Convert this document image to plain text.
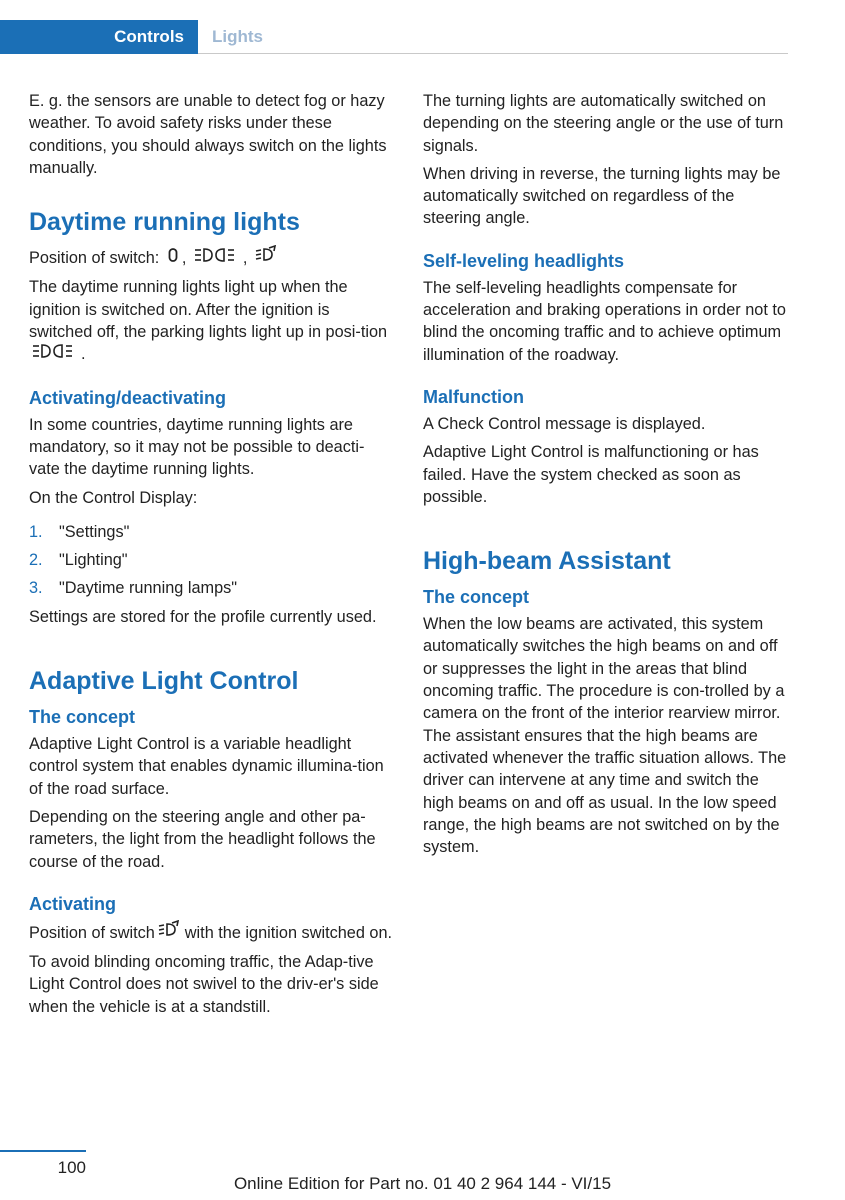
Controls Lights

E. g. the sensors are unable to detect fog or hazy weather. To avoid safety risks under these conditions, you should always switch on the lights manually.

Daytime running lights

Position of switch: ,	,

The daytime running lights light up when the ignition is switched on. After the ignition is switched off, the parking lights light up in posi-tion.

Activating/deactivating

In some countries, daytime running lights are mandatory, so it may not be possible to deacti-vate the daytime running lights.

On the Control Display:

1.	"Settings"
2.	"Lighting"
3.	"Daytime running lamps"

Settings are stored for the profile currently used.

Adaptive Light Control
The concept

Adaptive Light Control is a variable headlight control system that enables dynamic illumina-tion of the road surface.

Depending on the steering angle and other pa-rameters, the light from the headlight follows the course of the road.

Activating

Position of switch with the ignition switched on.

To avoid blinding oncoming traffic, the Adap-tive Light Control does not swivel to the driv-er's side when the vehicle is at a standstill.

The turning lights are automatically switched on depending on the steering angle or the use of turn signals.

When driving in reverse, the turning lights may be automatically switched on regardless of the steering angle.

Self-leveling headlights

The self-leveling headlights compensate for acceleration and braking operations in order not to blind the oncoming traffic and to achieve optimum illumination of the roadway.

Malfunction

A Check Control message is displayed.

Adaptive Light Control is malfunctioning or has failed. Have the system checked as soon as possible.

High-beam Assistant
The concept

When the low beams are activated, this system automatically switches the high beams on and off or suppresses the light in the areas that blind oncoming traffic. The procedure is con-trolled by a camera on the front of the interior rearview mirror. The assistant ensures that the high beams are activated whenever the traffic situation allows. The driver can intervene at any time and switch the high beams on and off as usual. In the low speed range, the high beams are not switched on by the system.

100
Online Edition for Part no. 01 40 2 964 144 - VI/15
